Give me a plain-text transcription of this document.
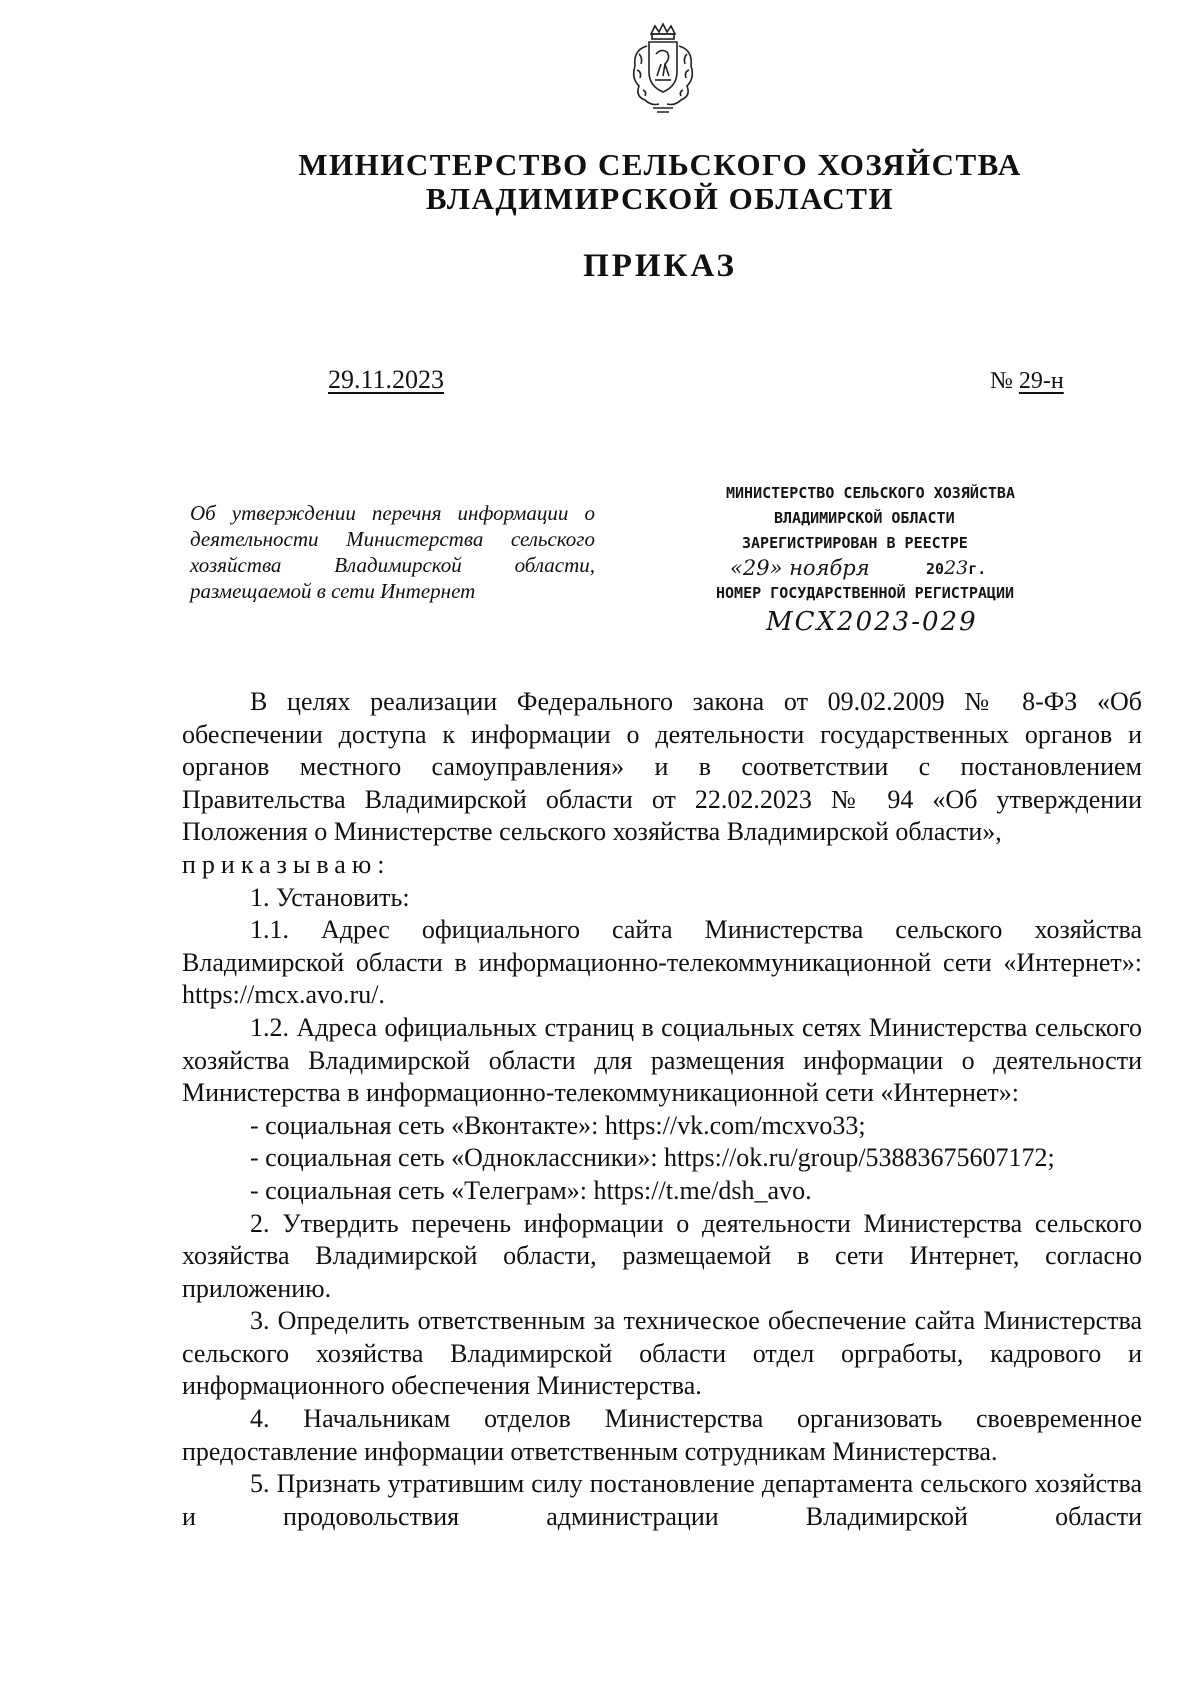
МИНИСТЕРСТВО СЕЛЬСКОГО ХОЗЯЙСТВА
ВЛАДИМИРСКОЙ ОБЛАСТИ
ПРИКАЗ
29.11.2023	№ 29-н
Об утверждении перечня информации о деятельности Министерства сельского хозяйства Владимирской области, размещаемой в сети Интернет
МИНИСТЕРСТВО СЕЛЬСКОГО ХОЗЯЙСТВА
ВЛАДИМИРСКОЙ ОБЛАСТИ
ЗАРЕГИСТРИРОВАН В РЕЕСТРЕ
«29» ноября	2023г.
НОМЕР ГОСУДАРСТВЕННОЙ РЕГИСТРАЦИИ
МСХ2023-029

В целях реализации Федерального закона от 09.02.2009 № 8-ФЗ «Об обеспечении доступа к информации о деятельности государственных органов и органов местного самоуправления» и в соответствии с постановлением Правительства Владимирской области от 22.02.2023 № 94 «Об утверждении Положения о Министерстве сельского хозяйства Владимирской области»,

приказываю:

1. Установить:

1.1. Адрес официального сайта Министерства сельского хозяйства Владимирской области в информационно-телекоммуникационной сети «Интернет»: https://mcx.avo.ru/.

1.2. Адреса официальных страниц в социальных сетях Министерства сельского хозяйства Владимирской области для размещения информации о деятельности Министерства в информационно-телекоммуникационной сети «Интернет»:

- социальная сеть «Вконтакте»: https://vk.com/mcxvo33;

- социальная сеть «Одноклассники»: https://ok.ru/group/53883675607172;

- социальная сеть «Телеграм»: https://t.me/dsh_avo.

2. Утвердить перечень информации о деятельности Министерства сельского хозяйства Владимирской области, размещаемой в сети Интернет, согласно приложению.

3. Определить ответственным за техническое обеспечение сайта Министерства сельского хозяйства Владимирской области отдел оргработы, кадрового и информационного обеспечения Министерства.

4. Начальникам отделов Министерства организовать своевременное предоставление информации ответственным сотрудникам Министерства.

5. Признать утратившим силу постановление департамента сельского хозяйства и продовольствия администрации Владимирской области
